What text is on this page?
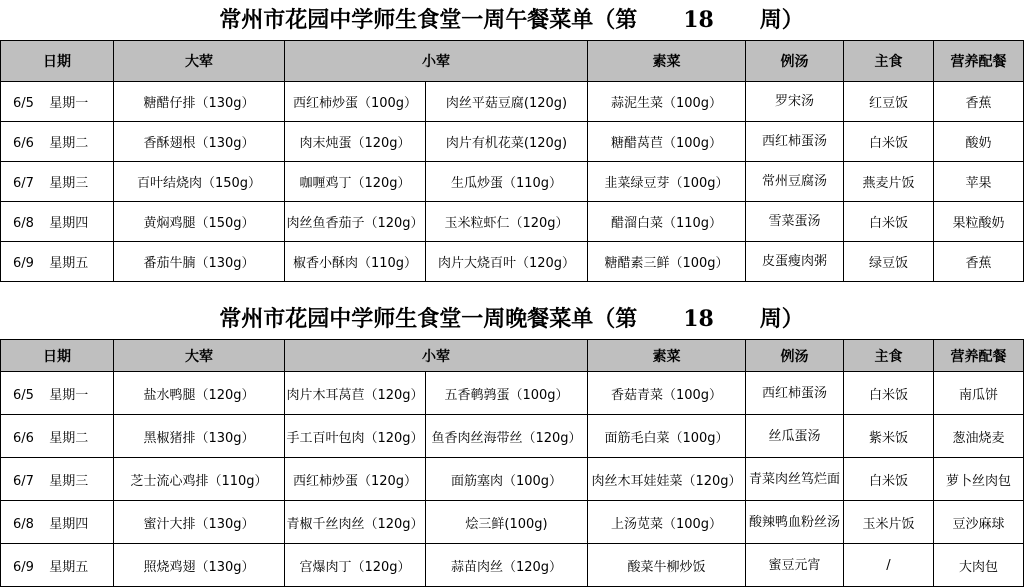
常州市花园中学师生食堂一周午餐菜单（第      18      周）
日期	大荤	小荤		素菜	例汤	主食	营养配餐
6/5 星期一	糖醋仔排（130g）	西红柿炒蛋（100g）	肉丝平菇豆腐(120g)	蒜泥生菜（100g）	罗宋汤	红豆饭	香蕉
6/6 星期二	香酥翅根（130g）	肉末炖蛋（120g）	肉片有机花菜(120g)	糖醋莴苣（100g）	西红柿蛋汤	白米饭	酸奶
6/7 星期三	百叶结烧肉（150g）	咖喱鸡丁（120g）	生瓜炒蛋（110g）	韭菜绿豆芽（100g）	常州豆腐汤	燕麦片饭	苹果
6/8 星期四	黄焖鸡腿（150g）	肉丝鱼香茄子（120g）	玉米粒虾仁（120g）	醋溜白菜（110g）	雪菜蛋汤	白米饭	果粒酸奶
6/9 星期五	番茄牛腩（130g）	椒香小酥肉（110g）	肉片大烧百叶（120g）	糖醋素三鲜（100g）	皮蛋瘦肉粥	绿豆饭	香蕉
常州市花园中学师生食堂一周晚餐菜单（第      18      周）
日期	大荤	小荤		素菜	例汤	主食	营养配餐
6/5 星期一	盐水鸭腿（120g）	肉片木耳莴苣（120g）	五香鹌鹑蛋（100g）	香菇青菜（100g）	西红柿蛋汤	白米饭	南瓜饼
6/6 星期二	黑椒猪排（130g）	手工百叶包肉（120g）	鱼香肉丝海带丝（120g）	面筋毛白菜（100g）	丝瓜蛋汤	紫米饭	葱油烧麦
6/7 星期三	芝士流心鸡排（110g）	西红柿炒蛋（120g）	面筋塞肉（100g）	肉丝木耳娃娃菜（120g）	青菜肉丝笃烂面	白米饭	萝卜丝肉包
6/8 星期四	蜜汁大排（130g）	青椒千丝肉丝（120g）	烩三鲜(100g)	上汤苋菜（100g）	酸辣鸭血粉丝汤	玉米片饭	豆沙麻球
6/9 星期五	照烧鸡翅（130g）	宫爆肉丁（120g）	蒜苗肉丝（120g）	酸菜牛柳炒饭	蜜豆元宵	/	大肉包
